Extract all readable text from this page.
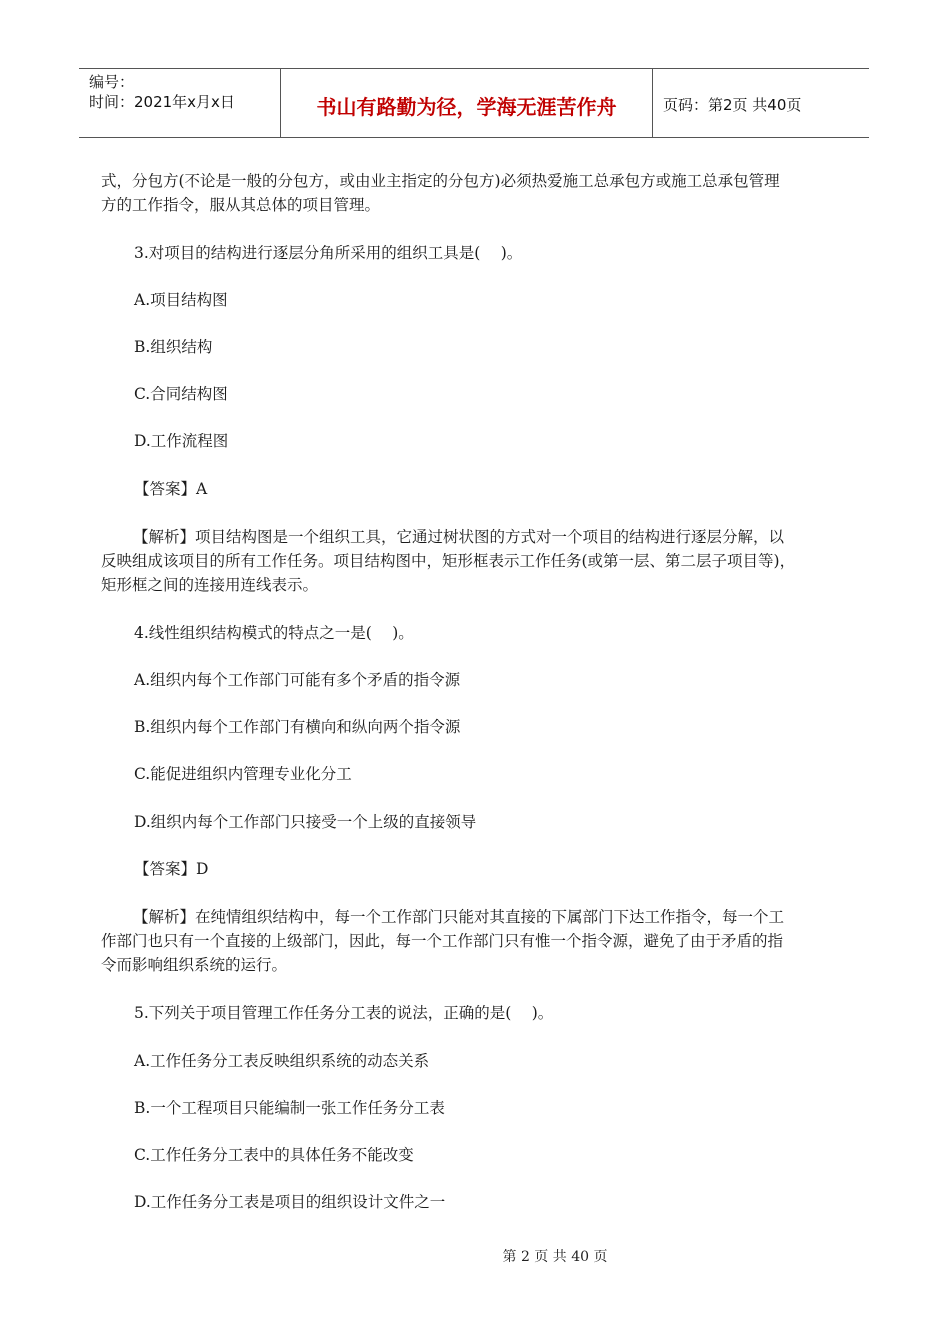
编号：
时间：2021年x月x日	书山有路勤为径，学海无涯苦作舟	页码：第2页 共40页
式，分包方(不论是一般的分包方，或由业主指定的分包方)必须热爱施工总承包方或施工总承包管理
方的工作指令，服从其总体的项目管理。
3.对项目的结构进行逐层分角所采用的组织工具是(　 )。
A.项目结构图
B.组织结构
C.合同结构图
D.工作流程图
【答案】A
【解析】项目结构图是一个组织工具，它通过树状图的方式对一个项目的结构进行逐层分解，以
反映组成该项目的所有工作任务。项目结构图中，矩形框表示工作任务(或第一层、第二层子项目等)，
矩形框之间的连接用连线表示。
4.线性组织结构模式的特点之一是(　 )。
A.组织内每个工作部门可能有多个矛盾的指令源
B.组织内每个工作部门有横向和纵向两个指令源
C.能促进组织内管理专业化分工
D.组织内每个工作部门只接受一个上级的直接领导
【答案】D
【解析】在纯情组织结构中，每一个工作部门只能对其直接的下属部门下达工作指令，每一个工
作部门也只有一个直接的上级部门，因此，每一个工作部门只有惟一个指令源，避免了由于矛盾的指
令而影响组织系统的运行。
5.下列关于项目管理工作任务分工表的说法，正确的是(　 )。
A.工作任务分工表反映组织系统的动态关系
B.一个工程项目只能编制一张工作任务分工表
C.工作任务分工表中的具体任务不能改变
D.工作任务分工表是项目的组织设计文件之一
第 2 页 共 40 页
